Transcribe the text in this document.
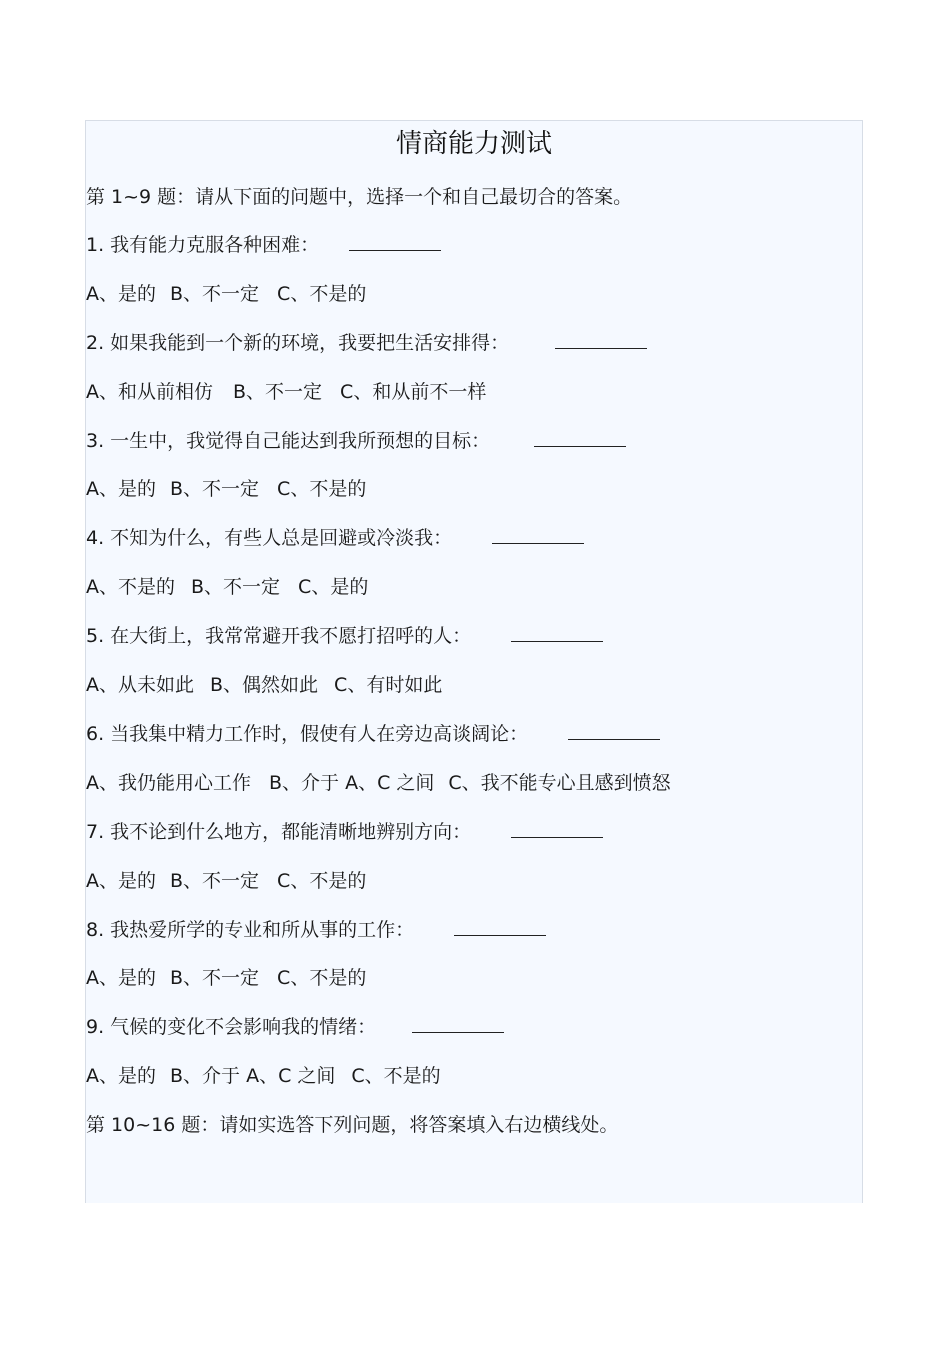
情商能力测试
第 1~9 题：请从下面的问题中，选择一个和自己最切合的答案。
1. 我有能力克服各种困难：
A、是的 B、不一定 C、不是的
2. 如果我能到一个新的环境，我要把生活安排得：
A、和从前相仿 B、不一定 C、和从前不一样
3. 一生中，我觉得自己能达到我所预想的目标：
A、是的 B、不一定 C、不是的
4. 不知为什么，有些人总是回避或冷淡我：
A、不是的 B、不一定 C、是的
5. 在大街上，我常常避开我不愿打招呼的人：
A、从未如此 B、偶然如此 C、有时如此
6. 当我集中精力工作时，假使有人在旁边高谈阔论：
A、我仍能用心工作 B、介于 A、C 之间 C、我不能专心且感到愤怒
7. 我不论到什么地方，都能清晰地辨别方向：
A、是的 B、不一定 C、不是的
8. 我热爱所学的专业和所从事的工作：
A、是的 B、不一定 C、不是的
9. 气候的变化不会影响我的情绪：
A、是的 B、介于 A、C 之间 C、不是的
第 10~16 题：请如实选答下列问题，将答案填入右边横线处。
